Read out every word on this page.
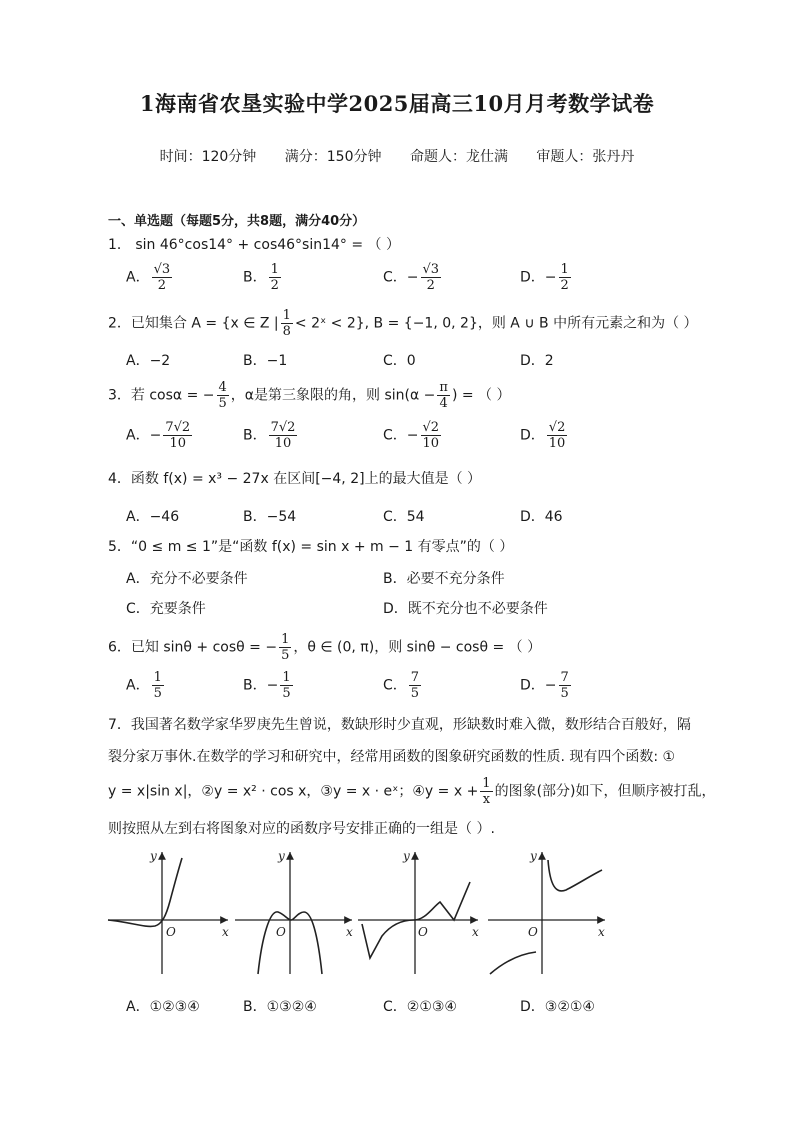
1海南省农垦实验中学2025届高三10月月考数学试卷
时间：120分钟 满分：150分钟 命题人：龙仕满 审题人：张丹丹
一、单选题（每题5分，共8题，满分40分）
1． sin 46°cos14° + cos46°sin14° = （ ）
A． $\frac{√3}{2}$	B． $\frac{1}{2}$	C．− $\frac{√3}{2}$	D．− $\frac{1}{2}$
2．已知集合 A = {x ∈ Z | $\frac{1}{8}$ < 2ˣ < 2}, B = {−1, 0, 2}，则 A ∪ B 中所有元素之和为（ ）
A．−2	B．−1	C．0	D．2
3．若 cosα = − $\frac{4}{5}$ ，α是第三象限的角，则 $\sin(\alpha - \frac{\pi}{4}$ ) = （ ）
A．− $\frac{7√2}{10}$	B． $\frac{7√2}{10}$	C．− $\frac{√2}{10}$	D． $\frac{√2}{10}$
4．函数 f(x) = x³ − 27x 在区间[−4, 2]上的最大值是（ ）
A．−46	B．−54	C．54	D．46
5．“0 ≤ m ≤ 1”是“函数 f(x) = sin x + m − 1 有零点”的（ ）
A．充分不必要条件	B．必要不充分条件
C．充要条件	D．既不充分也不必要条件
6．已知 sinθ + cosθ = − $\frac{1}{5}$ ，θ ∈ (0, π)，则 sinθ − cosθ = （ ）
A． $\frac{1}{5}$	B．− $\frac{1}{5}$	C． $\frac{7}{5}$	D．− $\frac{7}{5}$
7．我国著名数学家华罗庚先生曾说，数缺形时少直观，形缺数时难入微，数形结合百般好，隔
裂分家万事休.在数学的学习和研究中，经常用函数的图象研究函数的性质. 现有四个函数: ①
y = x|sin x|，②y = x² · cos x，③y = x · eˣ；④y = $x + \frac{1}{x}$ 的图象(部分)如下，但顺序被打乱，
则按照从左到右将图象对应的函数序号安排正确的一组是（ ）.
y
x
O
y
x
O
y
x
O
y
x
O
A．①②③④	B．①③②④	C．②①③④	D．③②①④
